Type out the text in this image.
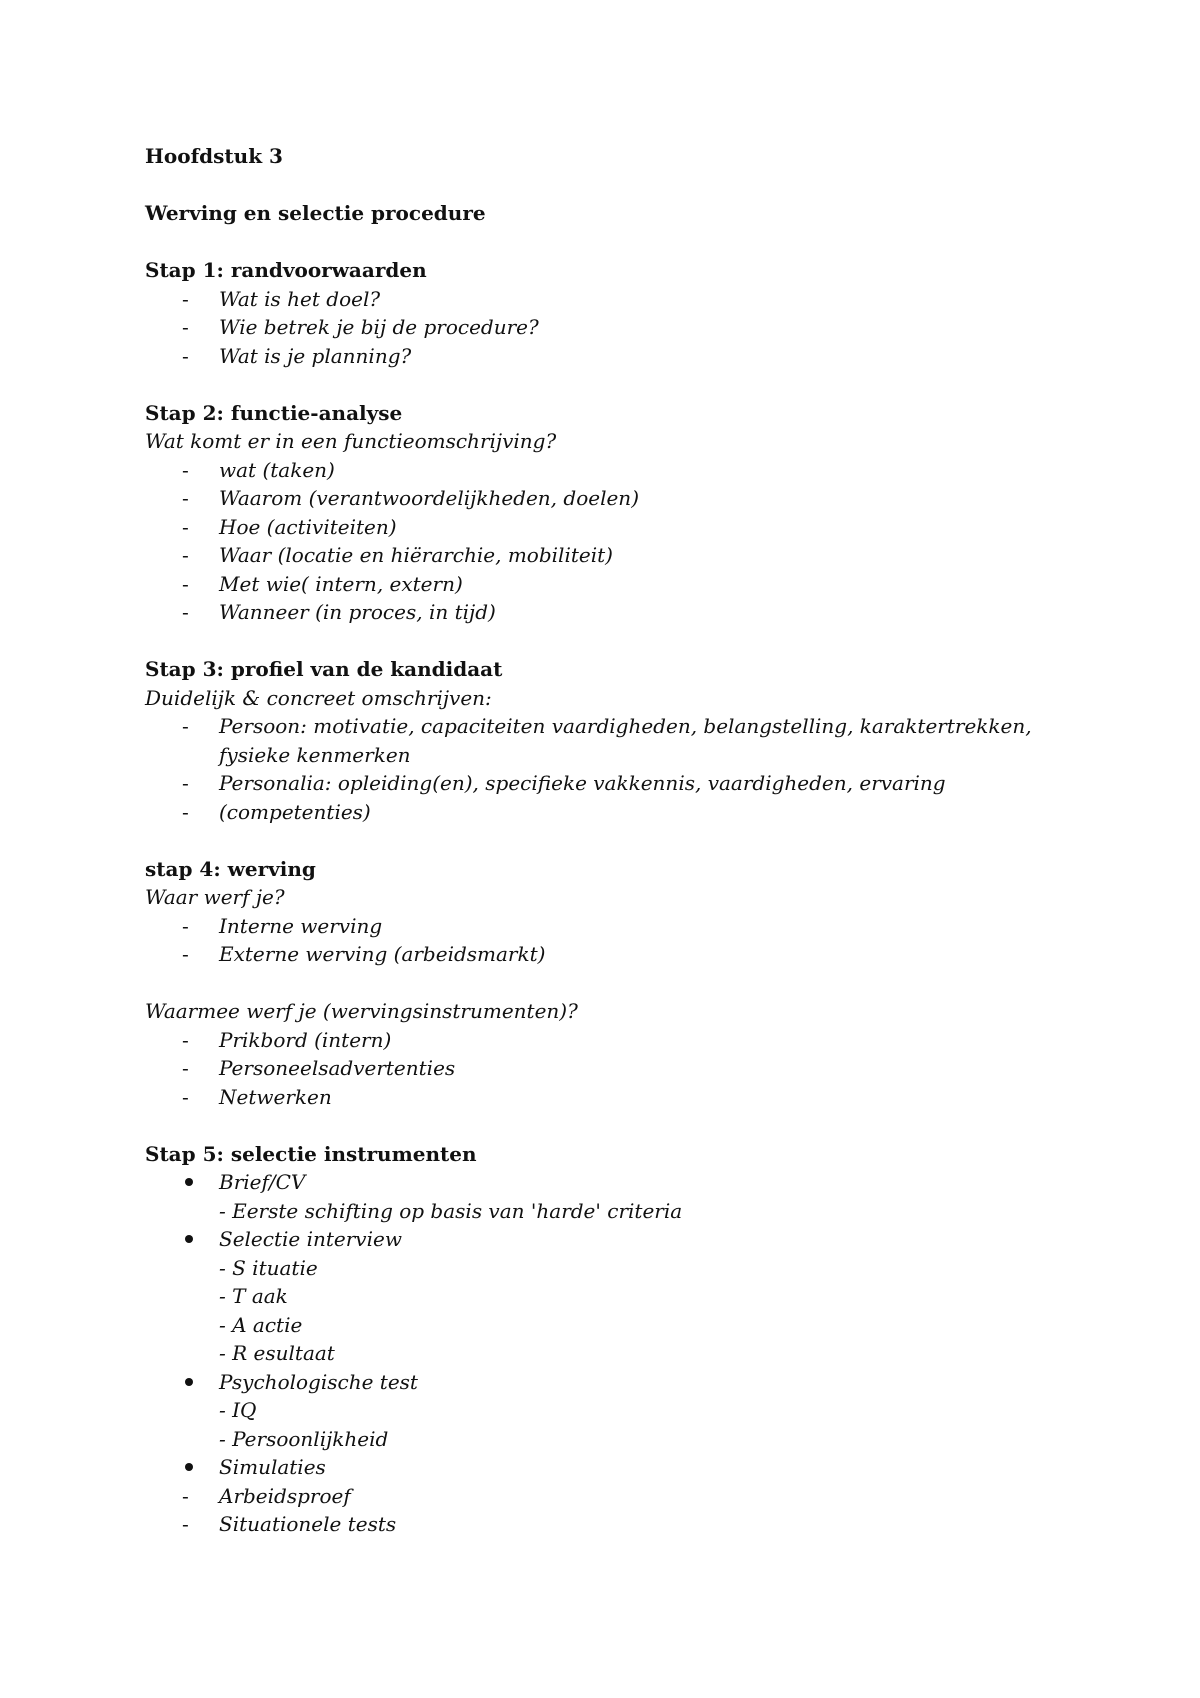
Hoofdstuk 3
Werving en selectie procedure
Stap 1: randvoorwaarden
- Wat is het doel?
- Wie betrek je bij de procedure?
- Wat is je planning?
Stap 2: functie-analyse
Wat komt er in een functieomschrijving?
- wat (taken)
- Waarom (verantwoordelijkheden, doelen)
- Hoe (activiteiten)
- Waar (locatie en hiërarchie, mobiliteit)
- Met wie( intern, extern)
- Wanneer (in proces, in tijd)
Stap 3: profiel van de kandidaat
Duidelijk & concreet omschrijven:
- Persoon: motivatie, capaciteiten vaardigheden, belangstelling, karaktertrekken,
fysieke kenmerken
- Personalia: opleiding(en), specifieke vakkennis, vaardigheden, ervaring
- (competenties)
stap 4: werving
Waar werf je?
- Interne werving
- Externe werving (arbeidsmarkt)
Waarmee werf je (wervingsinstrumenten)?
- Prikbord (intern)
- Personeelsadvertenties
- Netwerken
Stap 5: selectie instrumenten
Brief/CV
- Eerste schifting op basis van 'harde' criteria
Selectie interview
- S ituatie
- T aak
- A actie
- R esultaat
Psychologische test
- IQ
- Persoonlijkheid
Simulaties
- Arbeidsproef
- Situationele tests
